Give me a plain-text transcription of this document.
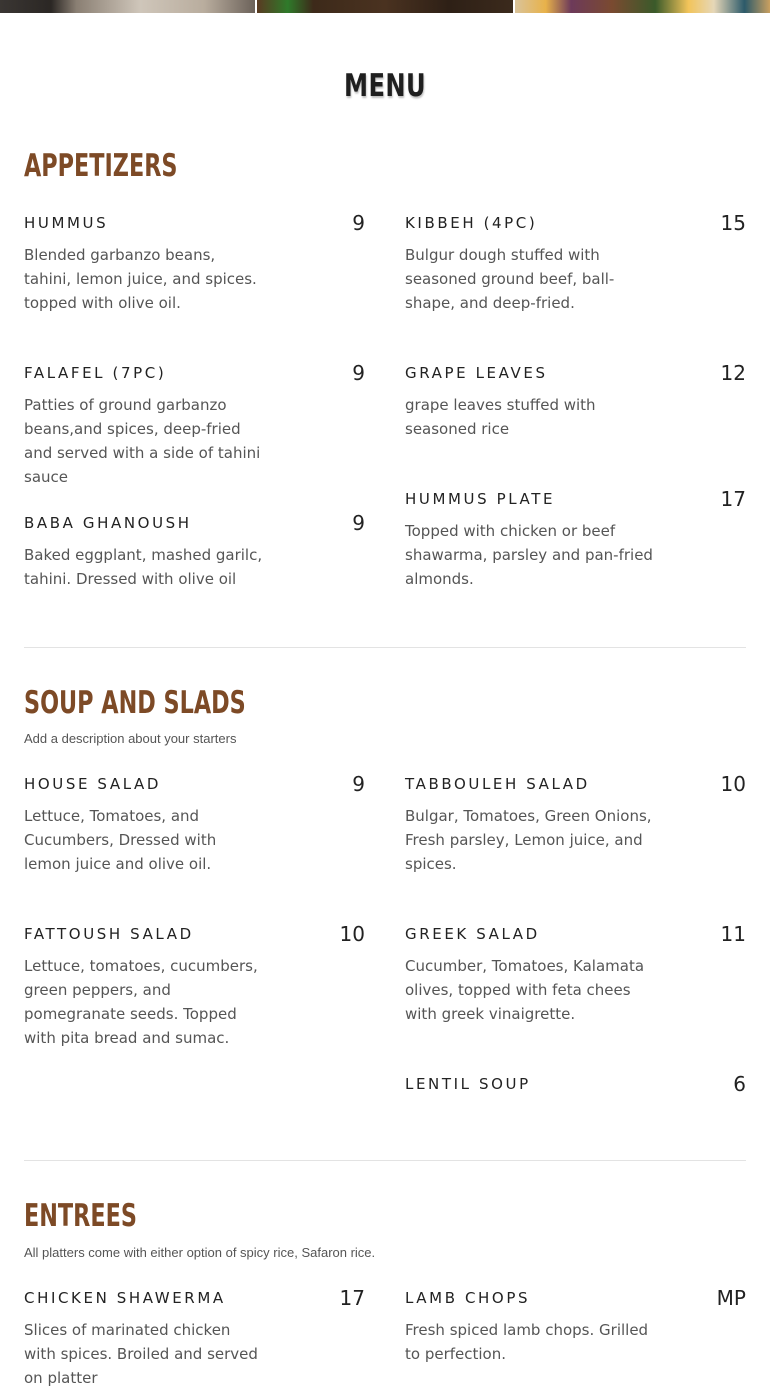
MENU
APPETIZERS
HUMMUS	9
Blended garbanzo beans, tahini, lemon juice, and spices. topped with olive oil.
FALAFEL (7PC)	9
Patties of ground garbanzo beans,and spices, deep-fried and served with a side of tahini sauce
BABA GHANOUSH	9
Baked eggplant, mashed garilc, tahini. Dressed with olive oil
KIBBEH (4PC)	15
Bulgur dough stuffed with seasoned ground beef, ball-shape, and deep-fried.
GRAPE LEAVES	12
grape leaves stuffed with seasoned rice
HUMMUS PLATE	17
Topped with chicken or beef shawarma, parsley and pan-fried almonds.
SOUP AND SLADS
Add a description about your starters
HOUSE SALAD	9
Lettuce, Tomatoes, and Cucumbers, Dressed with lemon juice and olive oil.
FATTOUSH SALAD	10
Lettuce, tomatoes, cucumbers, green peppers, and pomegranate seeds. Topped with pita bread and sumac.
TABBOULEH SALAD	10
Bulgar, Tomatoes, Green Onions, Fresh parsley, Lemon juice, and spices.
GREEK SALAD	11
Cucumber, Tomatoes, Kalamata olives, topped with feta chees with greek vinaigrette.
LENTIL SOUP	6
ENTREES
All platters come with either option of spicy rice, Safaron rice.
CHICKEN SHAWERMA	17
Slices of marinated chicken with spices. Broiled and served on platter
LAMB CHOPS	MP
Fresh spiced lamb chops. Grilled to perfection.
